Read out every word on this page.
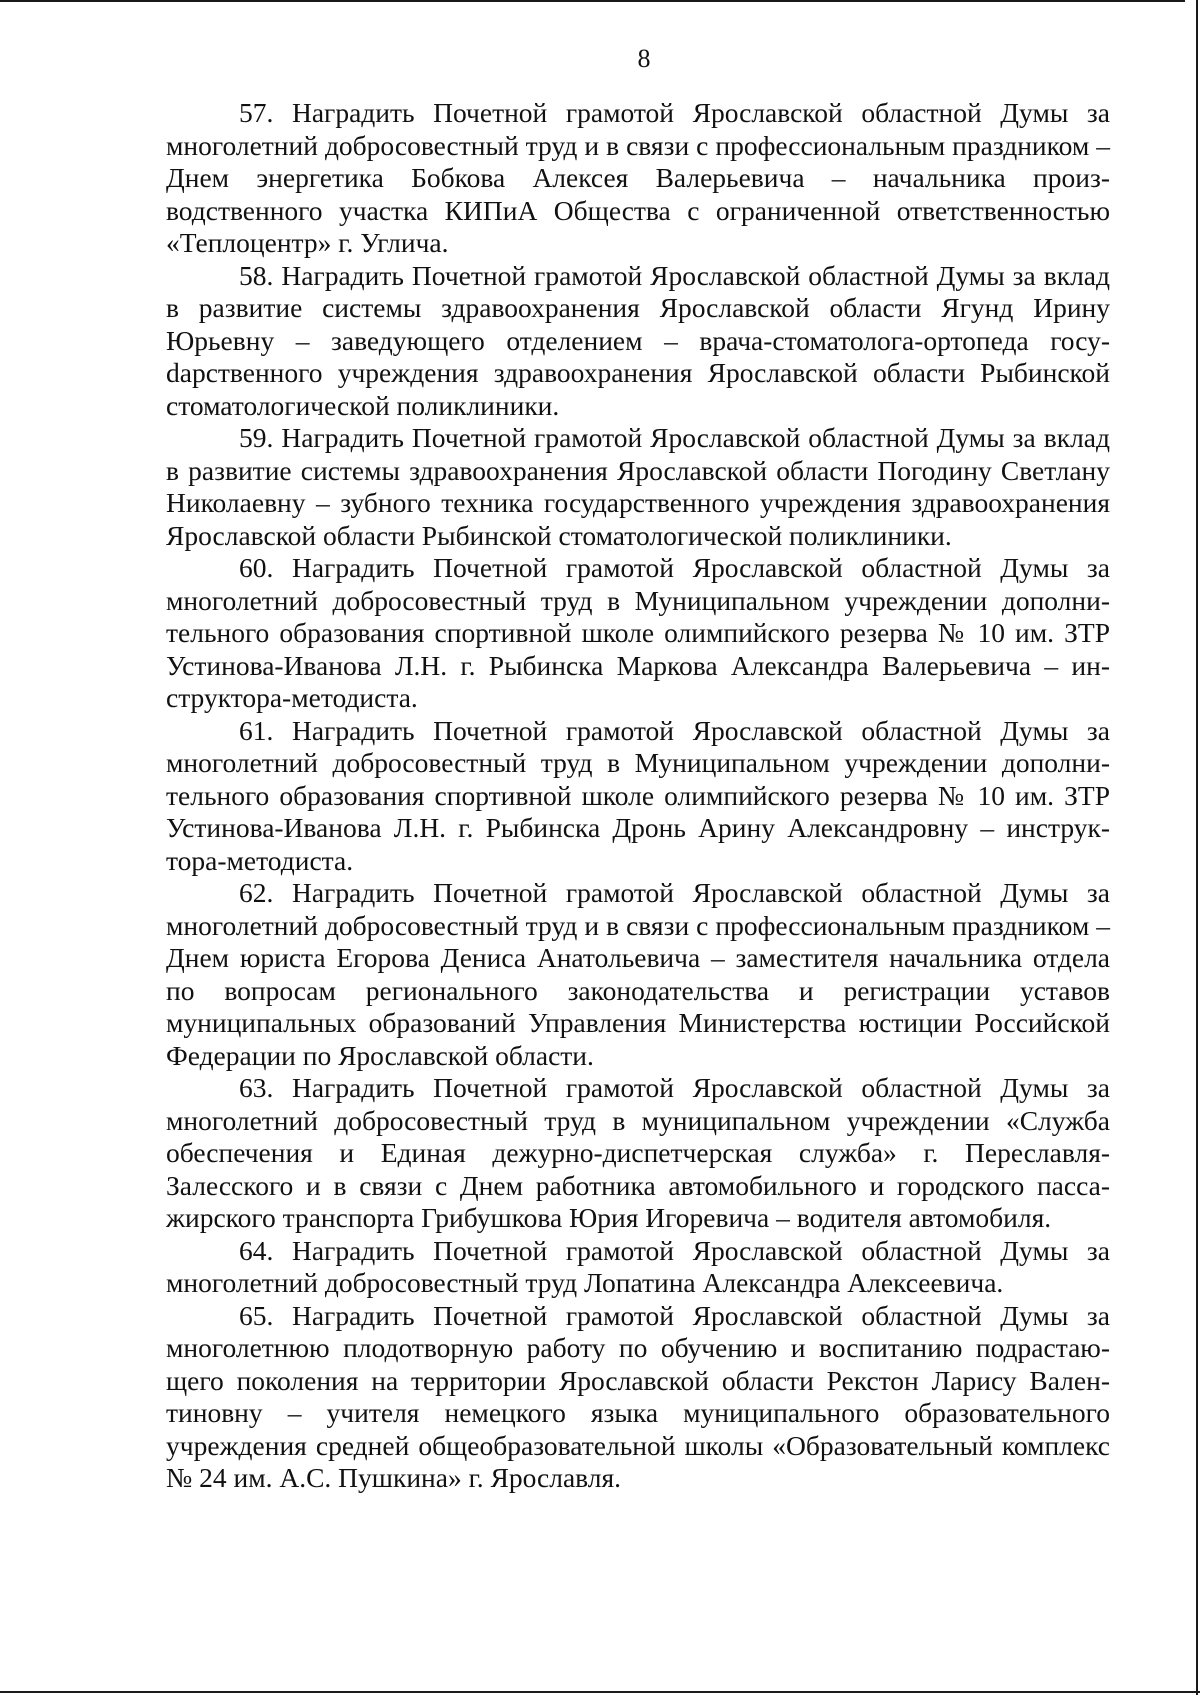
8

57. Наградить Почетной грамотой Ярославской областной Думы за многолетний добросовестный труд и в связи с профессиональным праздником – Днем энергетика Бобкова Алексея Валерьевича – начальника производственного участка КИПиА Общества с ограниченной ответственностью «Теплоцентр» г. Углича.

58. Наградить Почетной грамотой Ярославской областной Думы за вклад в развитие системы здравоохранения Ярославской области Ягунд Ирину Юрьевну – заведующего отделением – врача-стоматолога-ортопеда госуdарственного учреждения здравоохранения Ярославской области Рыбинской стоматологической поликлиники.

59. Наградить Почетной грамотой Ярославской областной Думы за вклад в развитие системы здравоохранения Ярославской области Погодину Светлану Николаевну – зубного техника государственного учреждения здравоохранения Ярославской области Рыбинской стоматологической поликлиники.

60. Наградить Почетной грамотой Ярославской областной Думы за многолетний добросовестный труд в Муниципальном учреждении дополнительного образования спортивной школе олимпийского резерва № 10 им. ЗТР Устинова-Иванова Л.Н. г. Рыбинска Маркова Александра Валерьевича – инструктора-методиста.

61. Наградить Почетной грамотой Ярославской областной Думы за многолетний добросовестный труд в Муниципальном учреждении дополнительного образования спортивной школе олимпийского резерва № 10 им. ЗТР Устинова-Иванова Л.Н. г. Рыбинска Дронь Арину Александровну – инструктора-методиста.

62. Наградить Почетной грамотой Ярославской областной Думы за многолетний добросовестный труд и в связи с профессиональным праздником – Днем юриста Егорова Дениса Анатольевича – заместителя начальника отдела по вопросам регионального законодательства и регистрации уставов муниципальных образований Управления Министерства юстиции Российской Федерации по Ярославской области.

63. Наградить Почетной грамотой Ярославской областной Думы за многолетний добросовестный труд в муниципальном учреждении «Служба обеспечения и Единая дежурно-диспетчерская служба» г. Переславля-Залесского и в связи с Днем работника автомобильного и городского пассажирского транспорта Грибушкова Юрия Игоревича – водителя автомобиля.

64. Наградить Почетной грамотой Ярославской областной Думы за многолетний добросовестный труд Лопатина Александра Алексеевича.

65. Наградить Почетной грамотой Ярославской областной Думы за многолетнюю плодотворную работу по обучению и воспитанию подрастающего поколения на территории Ярославской области Рекстон Ларису Валентиновну – учителя немецкого языка муниципального образовательного учреждения средней общеобразовательной школы «Образовательный комплекс № 24 им. А.С. Пушкина» г. Ярославля.
